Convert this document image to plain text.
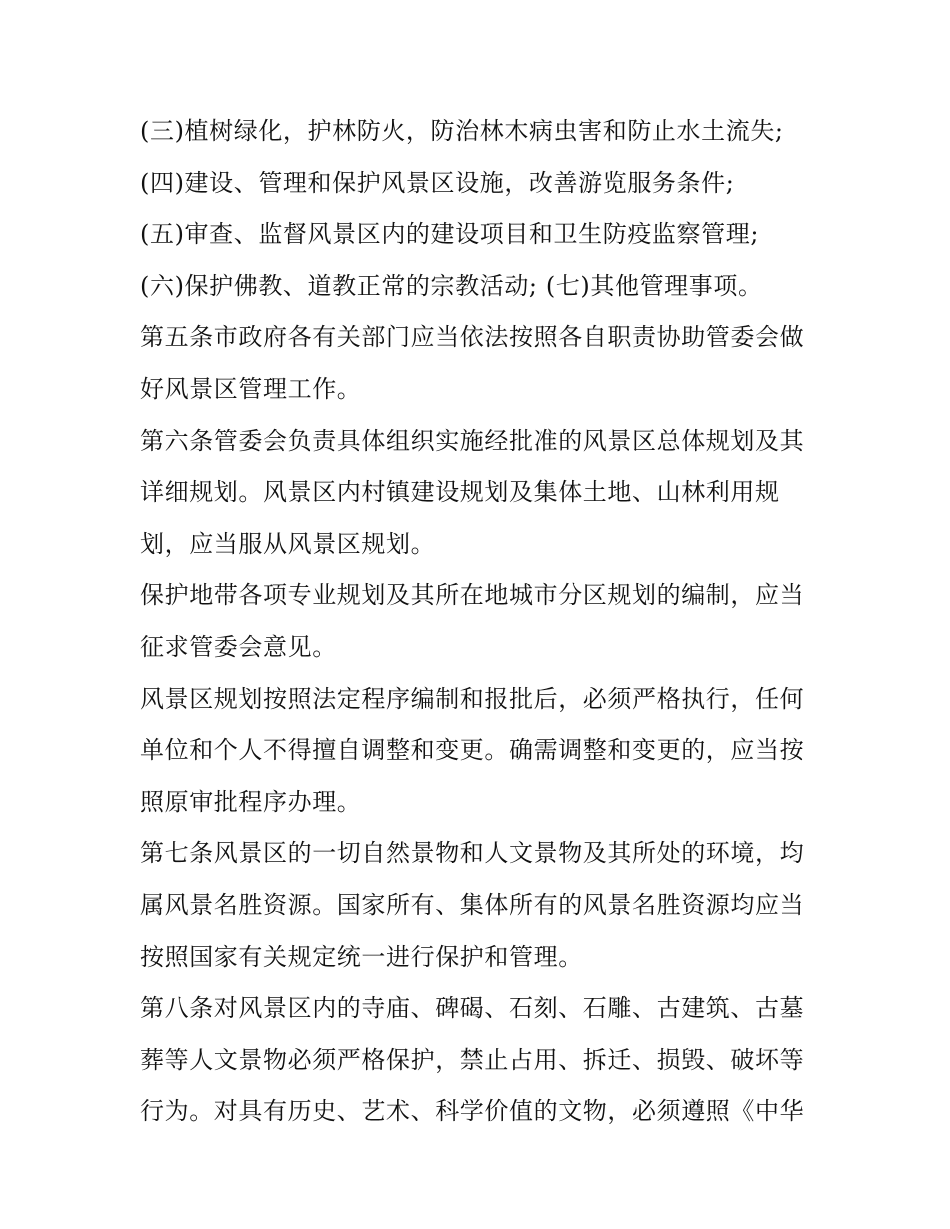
(三)植树绿化，护林防火，防治林木病虫害和防止水土流失;
(四)建设、管理和保护风景区设施，改善游览服务条件;
(五)审查、监督风景区内的建设项目和卫生防疫监察管理;
(六)保护佛教、道教正常的宗教活动; (七)其他管理事项。
第五条市政府各有关部门应当依法按照各自职责协助管委会做
好风景区管理工作。
第六条管委会负责具体组织实施经批准的风景区总体规划及其
详细规划。风景区内村镇建设规划及集体土地、山林利用规
划，应当服从风景区规划。
保护地带各项专业规划及其所在地城市分区规划的编制，应当
征求管委会意见。
风景区规划按照法定程序编制和报批后，必须严格执行，任何
单位和个人不得擅自调整和变更。确需调整和变更的，应当按
照原审批程序办理。
第七条风景区的一切自然景物和人文景物及其所处的环境，均
属风景名胜资源。国家所有、集体所有的风景名胜资源均应当
按照国家有关规定统一进行保护和管理。
第八条对风景区内的寺庙、碑碣、石刻、石雕、古建筑、古墓
葬等人文景物必须严格保护，禁止占用、拆迁、损毁、破坏等
行为。对具有历史、艺术、科学价值的文物，必须遵照《中华
